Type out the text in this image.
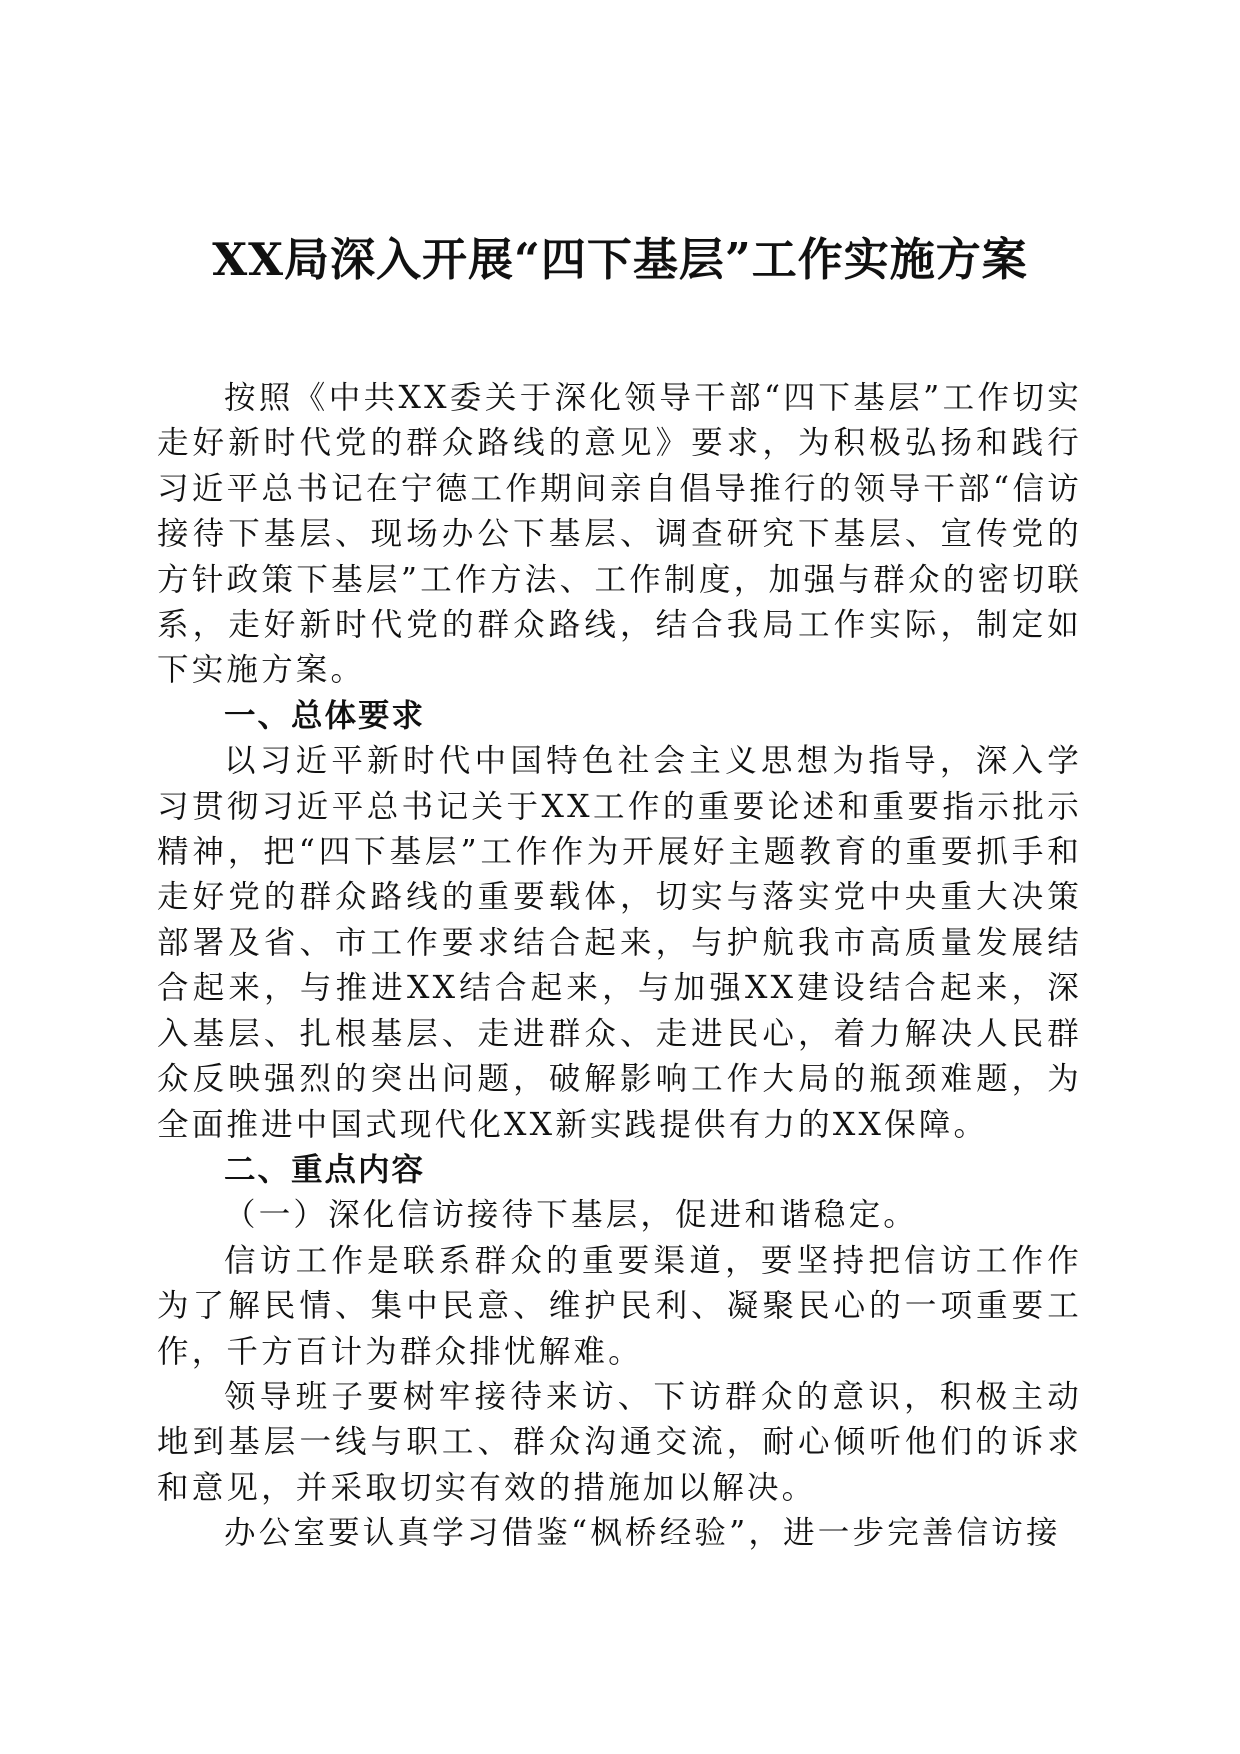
XX局深入开展“四下基层”工作实施方案

按照《中共XX委关于深化领导干部“四下基层”工作切实走好新时代党的群众路线的意见》要求，为积极弘扬和践行习近平总书记在宁德工作期间亲自倡导推行的领导干部“信访接待下基层、现场办公下基层、调查研究下基层、宣传党的方针政策下基层”工作方法、工作制度，加强与群众的密切联系，走好新时代党的群众路线，结合我局工作实际，制定如下实施方案。

一、总体要求

以习近平新时代中国特色社会主义思想为指导，深入学习贯彻习近平总书记关于XX工作的重要论述和重要指示批示精神，把“四下基层”工作作为开展好主题教育的重要抓手和走好党的群众路线的重要载体，切实与落实党中央重大决策部署及省、市工作要求结合起来，与护航我市高质量发展结合起来，与推进XX结合起来，与加强XX建设结合起来，深入基层、扎根基层、走进群众、走进民心，着力解决人民群众反映强烈的突出问题，破解影响工作大局的瓶颈难题，为全面推进中国式现代化XX新实践提供有力的XX保障。

二、重点内容

（一）深化信访接待下基层，促进和谐稳定。

信访工作是联系群众的重要渠道，要坚持把信访工作作为了解民情、集中民意、维护民利、凝聚民心的一项重要工作，千方百计为群众排忧解难。

领导班子要树牢接待来访、下访群众的意识，积极主动地到基层一线与职工、群众沟通交流，耐心倾听他们的诉求和意见，并采取切实有效的措施加以解决。

办公室要认真学习借鉴“枫桥经验”，进一步完善信访接
